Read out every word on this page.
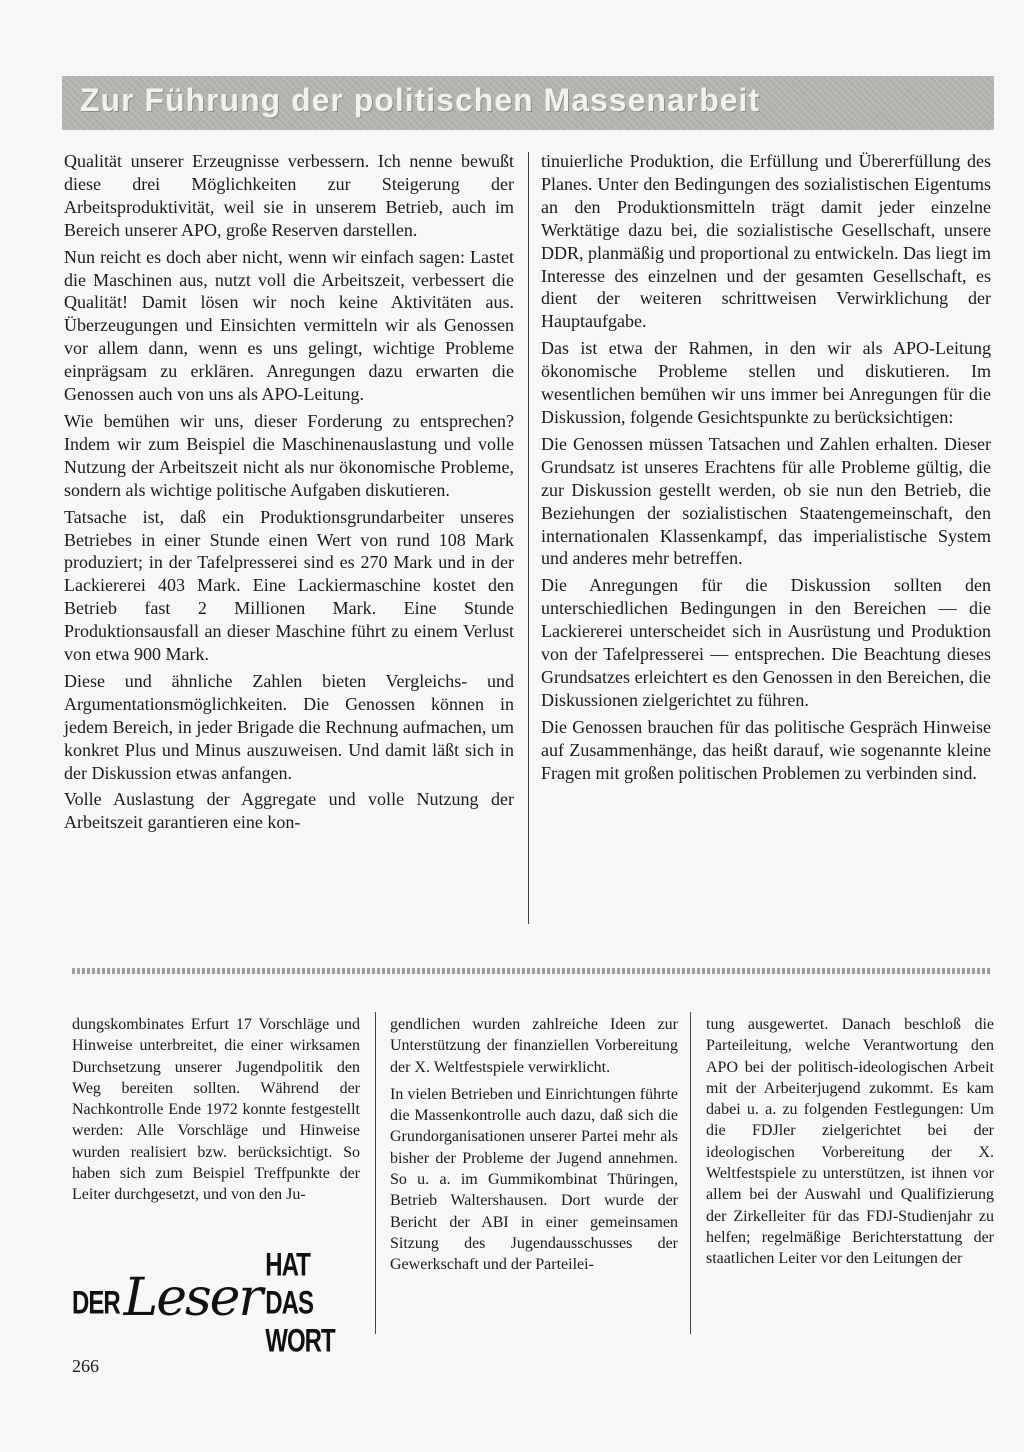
Zur Führung der politischen Massenarbeit

Qualität unserer Erzeugnisse verbessern. Ich nenne bewußt diese drei Möglichkeiten zur Steigerung der Arbeitsproduktivität, weil sie in unserem Betrieb, auch im Bereich unserer APO, große Reserven darstellen.

Nun reicht es doch aber nicht, wenn wir einfach sagen: Lastet die Maschinen aus, nutzt voll die Arbeitszeit, verbessert die Qualität! Damit lösen wir noch keine Aktivitäten aus. Überzeugungen und Einsichten vermitteln wir als Genossen vor allem dann, wenn es uns gelingt, wichtige Probleme einprägsam zu erklären. Anregungen dazu erwarten die Genossen auch von uns als APO-Leitung.

Wie bemühen wir uns, dieser Forderung zu entsprechen? Indem wir zum Beispiel die Maschinenauslastung und volle Nutzung der Arbeitszeit nicht als nur ökonomische Probleme, sondern als wichtige politische Aufgaben diskutieren.

Tatsache ist, daß ein Produktionsgrundarbeiter unseres Betriebes in einer Stunde einen Wert von rund 108 Mark produziert; in der Tafelpresserei sind es 270 Mark und in der Lackiererei 403 Mark. Eine Lackiermaschine kostet den Betrieb fast 2 Millionen Mark. Eine Stunde Produktionsausfall an dieser Maschine führt zu einem Verlust von etwa 900 Mark.

Diese und ähnliche Zahlen bieten Vergleichs- und Argumentationsmöglichkeiten. Die Genossen können in jedem Bereich, in jeder Brigade die Rechnung aufmachen, um konkret Plus und Minus auszuweisen. Und damit läßt sich in der Diskussion etwas anfangen.

Volle Auslastung der Aggregate und volle Nutzung der Arbeitszeit garantieren eine kon-

tinuierliche Produktion, die Erfüllung und Übererfüllung des Planes. Unter den Bedingungen des sozialistischen Eigentums an den Produktionsmitteln trägt damit jeder einzelne Werktätige dazu bei, die sozialistische Gesellschaft, unsere DDR, planmäßig und proportional zu entwickeln. Das liegt im Interesse des einzelnen und der gesamten Gesellschaft, es dient der weiteren schrittweisen Verwirklichung der Hauptaufgabe.

Das ist etwa der Rahmen, in den wir als APO-Leitung ökonomische Probleme stellen und diskutieren. Im wesentlichen bemühen wir uns immer bei Anregungen für die Diskussion, folgende Gesichtspunkte zu berücksichtigen:

Die Genossen müssen Tatsachen und Zahlen erhalten. Dieser Grundsatz ist unseres Erachtens für alle Probleme gültig, die zur Diskussion gestellt werden, ob sie nun den Betrieb, die Beziehungen der sozialistischen Staatengemeinschaft, den internationalen Klassenkampf, das imperialistische System und anderes mehr betreffen.

Die Anregungen für die Diskussion sollten den unterschiedlichen Bedingungen in den Bereichen — die Lackiererei unterscheidet sich in Ausrüstung und Produktion von der Tafelpresserei — entsprechen. Die Beachtung dieses Grundsatzes erleichtert es den Genossen in den Bereichen, die Diskussionen zielgerichtet zu führen.

Die Genossen brauchen für das politische Gespräch Hinweise auf Zusammenhänge, das heißt darauf, wie sogenannte kleine Fragen mit großen politischen Problemen zu verbinden sind.

dungskombinates Erfurt 17 Vorschläge und Hinweise unterbreitet, die einer wirksamen Durchsetzung unserer Jugendpolitik den Weg bereiten sollten. Während der Nachkontrolle Ende 1972 konnte festgestellt werden: Alle Vorschläge und Hinweise wurden realisiert bzw. berücksichtigt. So haben sich zum Beispiel Treffpunkte der Leiter durchgesetzt, und von den Ju-

gendlichen wurden zahlreiche Ideen zur Unterstützung der finanziellen Vorbereitung der X. Weltfestspiele verwirklicht.

In vielen Betrieben und Einrichtungen führte die Massenkontrolle auch dazu, daß sich die Grundorganisationen unserer Partei mehr als bisher der Probleme der Jugend annehmen. So u. a. im Gummikombinat Thüringen, Betrieb Waltershausen. Dort wurde der Bericht der ABI in einer gemeinsamen Sitzung des Jugendausschusses der Gewerkschaft und der Parteilei-

tung ausgewertet. Danach beschloß die Parteileitung, welche Verantwortung den APO bei der politisch-ideologischen Arbeit mit der Arbeiterjugend zukommt. Es kam dabei u. a. zu folgenden Festlegungen: Um die FDJler zielgerichtet bei der ideologischen Vorbereitung der X. Weltfestspiele zu unterstützen, ist ihnen vor allem bei der Auswahl und Qualifizierung der Zirkelleiter für das FDJ-Studienjahr zu helfen; regelmäßige Berichterstattung der staatlichen Leiter vor den Leitungen der

DER Leser
HAT DAS WORT

266
